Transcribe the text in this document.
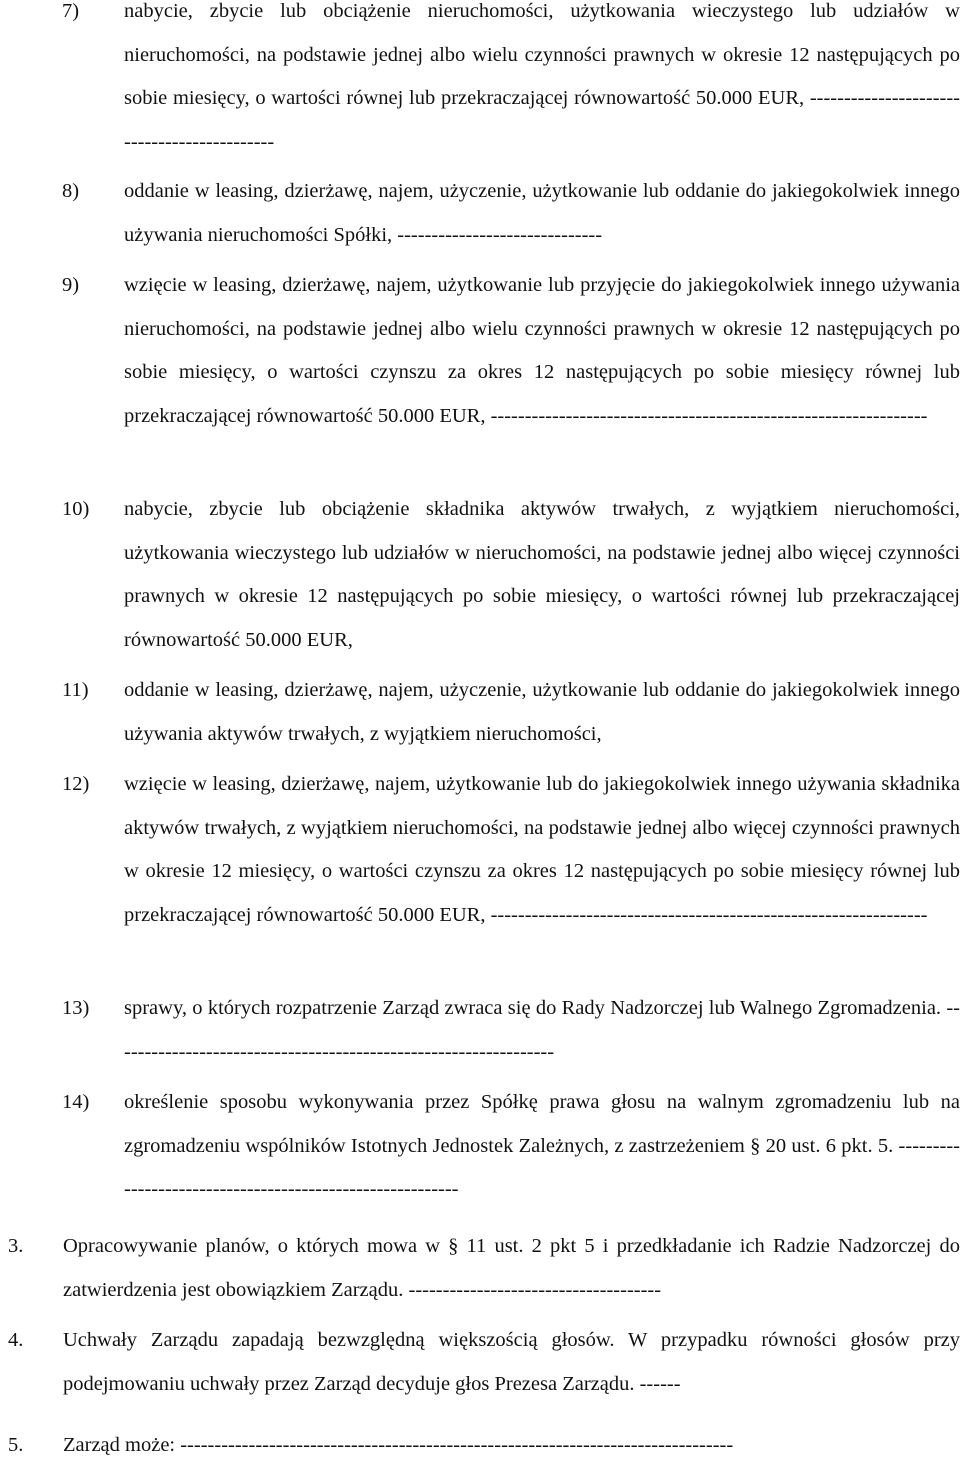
7) nabycie, zbycie lub obciążenie nieruchomości, użytkowania wieczystego lub udziałów w nieruchomości, na podstawie jednej albo wielu czynności prawnych w okresie 12 następujących po sobie miesięcy, o wartości równej lub przekraczającej równowartość 50.000 EUR, --------------------------------------------
8) oddanie w leasing, dzierżawę, najem, użyczenie, użytkowanie lub oddanie do jakiegokolwiek innego używania nieruchomości Spółki, ------------------------------
9) wzięcie w leasing, dzierżawę, najem, użytkowanie lub przyjęcie do jakiegokolwiek innego używania nieruchomości, na podstawie jednej albo wielu czynności prawnych w okresie 12 następujących po sobie miesięcy, o wartości czynszu za okres 12 następujących po sobie miesięcy równej lub przekraczającej równowartość 50.000 EUR, ----------------------------------------------------------------
10) nabycie, zbycie lub obciążenie składnika aktywów trwałych, z wyjątkiem nieruchomości, użytkowania wieczystego lub udziałów w nieruchomości, na podstawie jednej albo więcej czynności prawnych w okresie 12 następujących po sobie miesięcy, o wartości równej lub przekraczającej równowartość 50.000 EUR,
11) oddanie w leasing, dzierżawę, najem, użyczenie, użytkowanie lub oddanie do jakiegokolwiek innego używania aktywów trwałych, z wyjątkiem nieruchomości,
12) wzięcie w leasing, dzierżawę, najem, użytkowanie lub do jakiegokolwiek innego używania składnika aktywów trwałych, z wyjątkiem nieruchomości, na podstawie jednej albo więcej czynności prawnych w okresie 12 miesięcy, o wartości czynszu za okres 12 następujących po sobie miesięcy równej lub przekraczającej równowartość 50.000 EUR, ----------------------------------------------------------------
13) sprawy, o których rozpatrzenie Zarząd zwraca się do Rady Nadzorczej lub Walnego Zgromadzenia. -----------------------------------------------------------------
14) określenie sposobu wykonywania przez Spółkę prawa głosu na walnym zgromadzeniu lub na zgromadzeniu wspólników Istotnych Jednostek Zależnych, z zastrzeżeniem § 20 ust. 6 pkt. 5. ----------------------------------------------------------
3. Opracowywanie planów, o których mowa w § 11 ust. 2 pkt 5 i przedkładanie ich Radzie Nadzorczej do zatwierdzenia jest obowiązkiem Zarządu. -------------------------------------
4. Uchwały Zarządu zapadają bezwzględną większością głosów. W przypadku równości głosów przy podejmowaniu uchwały przez Zarząd decyduje głos Prezesa Zarządu. ------
5. Zarząd może: ---------------------------------------------------------------------------------
